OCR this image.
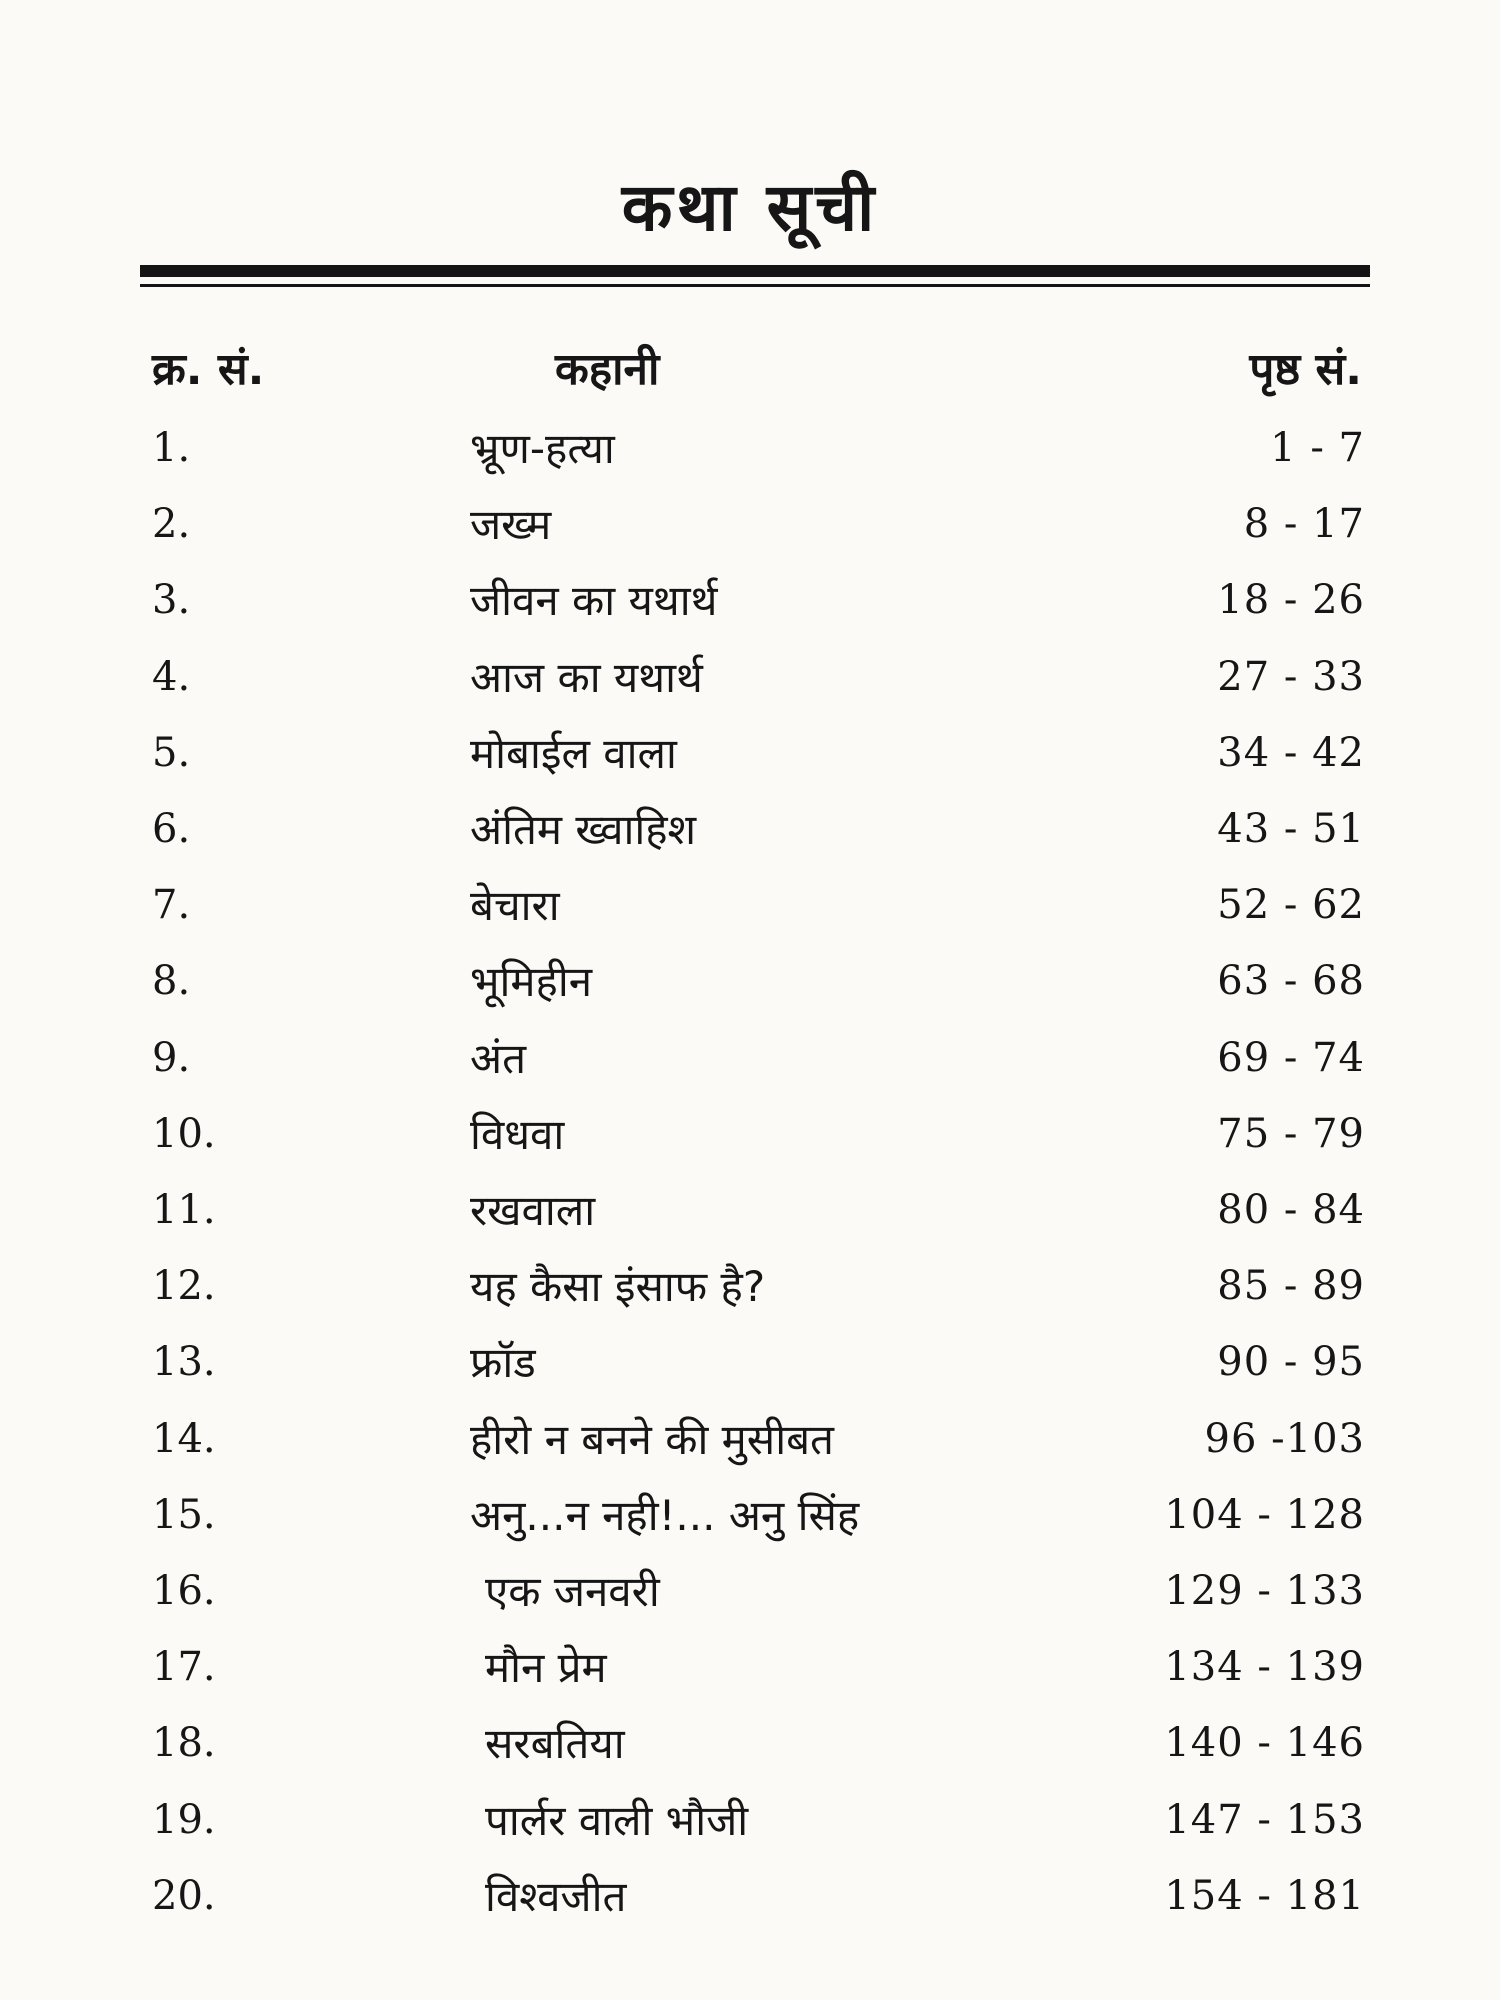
कथा सूची
क्र. सं.	कहानी	पृष्ठ सं.
1.	भ्रूण-हत्या	1 - 7
2.	जख्म	8 - 17
3.	जीवन का यथार्थ	18 - 26
4.	आज का यथार्थ	27 - 33
5.	मोबाईल वाला	34 - 42
6.	अंतिम ख्वाहिश	43 - 51
7.	बेचारा	52 - 62
8.	भूमिहीन	63 - 68
9.	अंत	69 - 74
10.	विधवा	75 - 79
11.	रखवाला	80 - 84
12.	यह कैसा इंसाफ है?	85 - 89
13.	फ्रॉड	90 - 95
14.	हीरो न बनने की मुसीबत	96 -103
15.	अनु...न नही!... अनु सिंह	104 - 128
16.	एक जनवरी	129 - 133
17.	मौन प्रेम	134 - 139
18.	सरबतिया	140 - 146
19.	पार्लर वाली भौजी	147 - 153
20.	विश्वजीत	154 - 181
